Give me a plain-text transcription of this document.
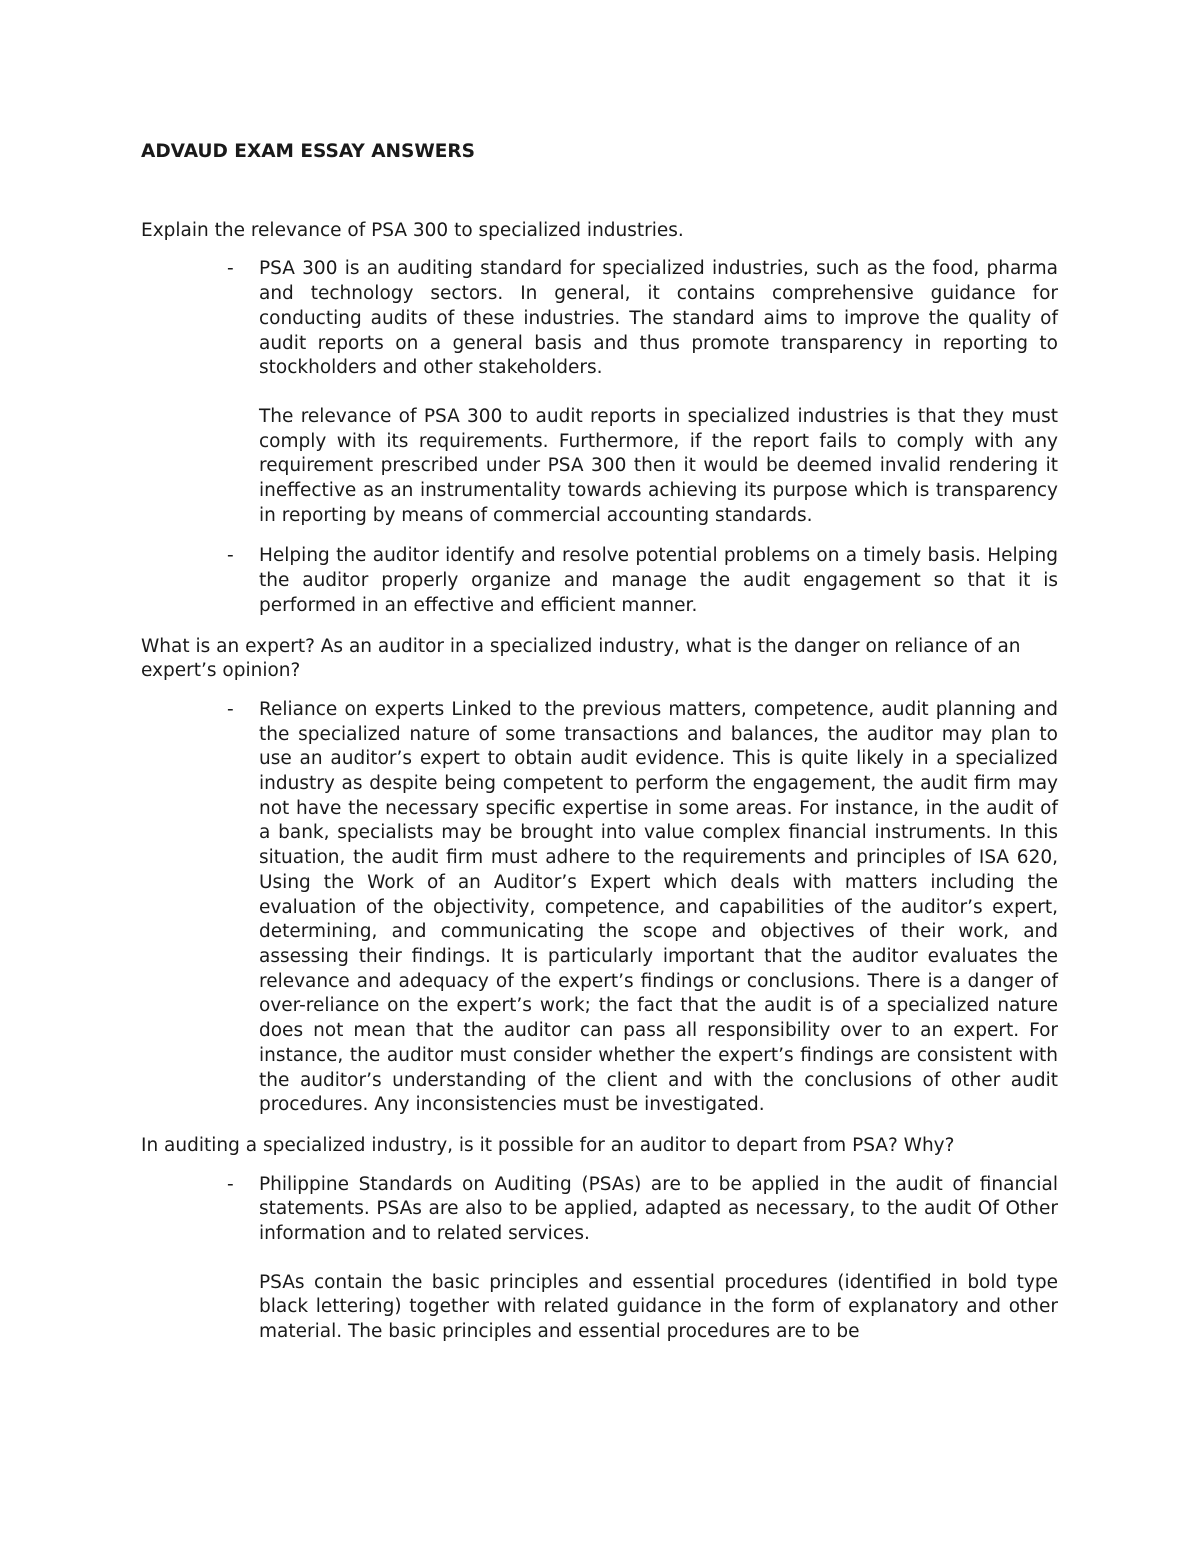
ADVAUD EXAM ESSAY ANSWERS
Explain the relevance of PSA 300 to specialized industries.
-	PSA 300 is an auditing standard for specialized industries, such as the food, pharma and technology sectors. In general, it contains comprehensive guidance for conducting audits of these industries. The standard aims to improve the quality of audit reports on a general basis and thus promote transparency in reporting to stockholders and other stakeholders.
The relevance of PSA 300 to audit reports in specialized industries is that they must comply with its requirements. Furthermore, if the report fails to comply with any requirement prescribed under PSA 300 then it would be deemed invalid rendering it ineffective as an instrumentality towards achieving its purpose which is transparency in reporting by means of commercial accounting standards.
-	Helping the auditor identify and resolve potential problems on a timely basis. Helping the auditor properly organize and manage the audit engagement so that it is performed in an effective and efficient manner.
What is an expert? As an auditor in a specialized industry, what is the danger on reliance of an expert’s opinion?
-	Reliance on experts Linked to the previous matters, competence, audit planning and the specialized nature of some transactions and balances, the auditor may plan to use an auditor’s expert to obtain audit evidence. This is quite likely in a specialized industry as despite being competent to perform the engagement, the audit firm may not have the necessary specific expertise in some areas. For instance, in the audit of a bank, specialists may be brought into value complex financial instruments. In this situation, the audit firm must adhere to the requirements and principles of ISA 620, Using the Work of an Auditor’s Expert which deals with matters including the evaluation of the objectivity, competence, and capabilities of the auditor’s expert, determining, and communicating the scope and objectives of their work, and assessing their findings. It is particularly important that the auditor evaluates the relevance and adequacy of the expert’s findings or conclusions. There is a danger of over-reliance on the expert’s work; the fact that the audit is of a specialized nature does not mean that the auditor can pass all responsibility over to an expert. For instance, the auditor must consider whether the expert’s findings are consistent with the auditor’s understanding of the client and with the conclusions of other audit procedures. Any inconsistencies must be investigated.
In auditing a specialized industry, is it possible for an auditor to depart from PSA? Why?
-	Philippine Standards on Auditing (PSAs) are to be applied in the audit of financial statements. PSAs are also to be applied, adapted as necessary, to the audit Of Other information and to related services.
PSAs contain the basic principles and essential procedures (identified in bold type black lettering) together with related guidance in the form of explanatory and other material. The basic principles and essential procedures are to be
